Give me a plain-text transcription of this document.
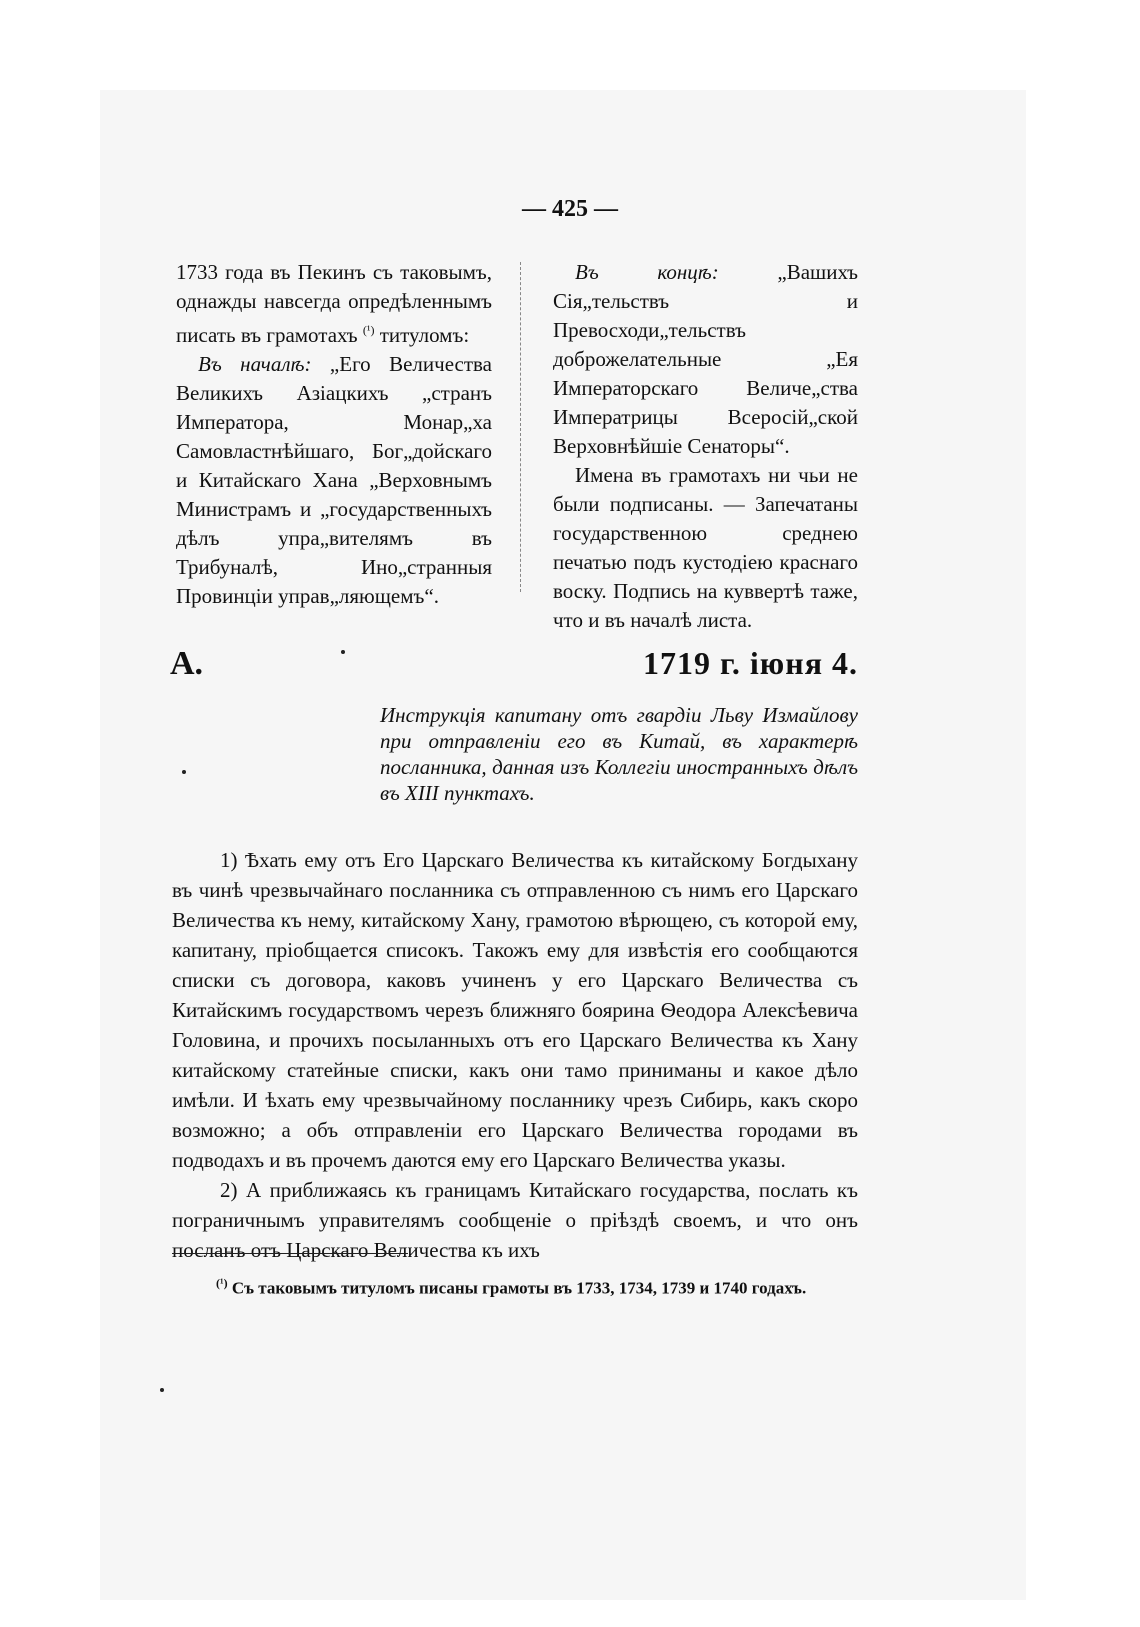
— 425 —

1733 года въ Пекинъ съ таковымъ, однажды навсегда опредѣленнымъ писать въ грамотахъ $^{(^1)}$ титуломъ:

Въ началѣ: „Его Величества Великихъ Азіацкихъ „странъ Императора, Монар„ха Самовластнѣйшаго, Бог„дойскаго и Китайскаго Хана „Верховнымъ Министрамъ и „государственныхъ дѣлъ упра„вителямъ въ Трибуналѣ, Ино„странныя Провинціи управ„ляющемъ“.

Въ концѣ:	„Вашихъ Сія„тельствъ и Превосходи„тельствъ доброжелательные „Ея Императорскаго Величе„ства Императрицы Всеросій„ской Верховнѣйшіе Сенаторы“.

Имена въ грамотахъ ни чьи не были подписаны. — Запечатаны государственною среднею печатью подъ кустодіею краснаго воску. Подпись на куввертѣ таже, что и въ началѣ листа.

А.	1719 г. іюня 4.
Инструкція капитану отъ гвардіи Льву Измайлову при отправленіи его въ Китай, въ характерѣ посланника, данная изъ Коллегіи иностранныхъ дѣлъ въ XIII пунктахъ.

1) Ѣхать ему отъ Его Царскаго Величества къ китайскому Богдыхану въ чинѣ чрезвычайнаго посланника съ отправленною съ нимъ его Царскаго Величества къ нему, китайскому Хану, грамотою вѣрющею, съ которой ему, капитану, пріобщается списокъ. Такожъ ему для извѣстія его сообщаются списки съ договора, каковъ учиненъ у его Царскаго Величества съ Китайскимъ государствомъ черезъ ближняго боярина Ѳеодора Алексѣевича Головина, и прочихъ посыланныхъ отъ его Царскаго Величества къ Хану китайскому статейные списки, какъ они тамо приниманы и какое дѣло имѣли. И ѣхать ему чрезвычайному посланнику чрезъ Сибирь, какъ скоро возможно; а объ отправленіи его Царскаго Величества городами въ подводахъ и въ прочемъ даются ему его Царскаго Величества указы.

2) А приближаясь къ границамъ Китайскаго государства, послать къ пограничнымъ управителямъ сообщеніе о пріѣздѣ своемъ, и что онъ посланъ отъ Царскаго Величества къ ихъ

$^{(^1)}$ Съ таковымъ титуломъ писаны грамоты въ 1733, 1734, 1739 и 1740 годахъ.
